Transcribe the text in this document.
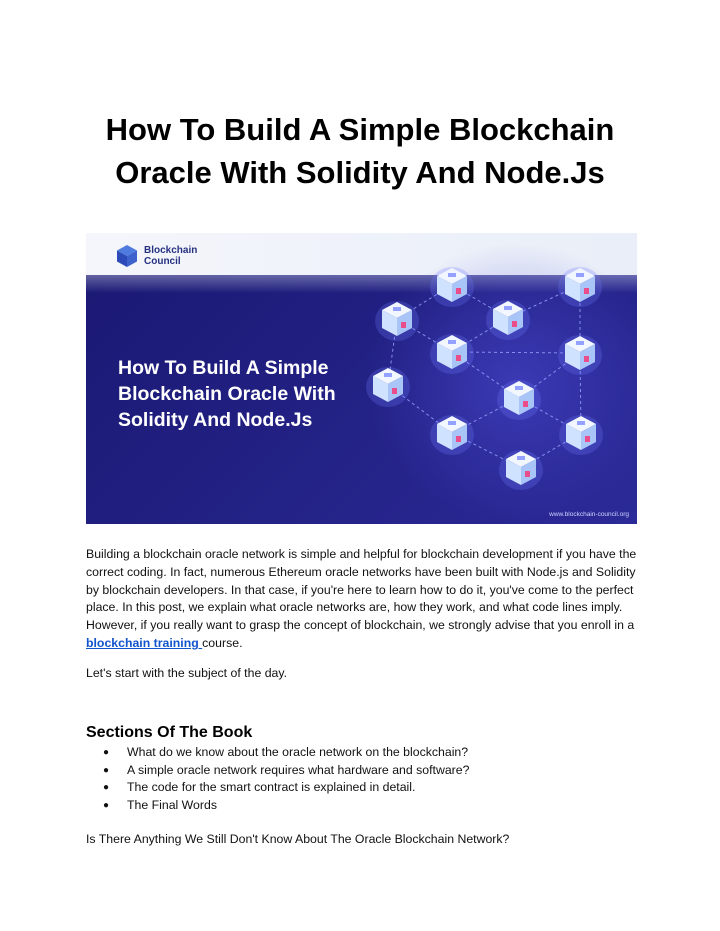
How To Build A Simple Blockchain
Oracle With Solidity And Node.Js
Blockchain
Council

How To Build A Simple
Blockchain Oracle With
Solidity And Node.Js

www.blockchain-council.org

Building a blockchain oracle network is simple and helpful for blockchain development if you have the correct coding. In fact, numerous Ethereum oracle networks have been built with Node.js and Solidity by blockchain developers. In that case, if you're here to learn how to do it, you've come to the perfect place. In this post, we explain what oracle networks are, how they work, and what code lines imply. However, if you really want to grasp the concept of blockchain, we strongly advise that you enroll in a blockchain training course.

Let's start with the subject of the day.

Sections Of The Book
●	What do we know about the oracle network on the blockchain?
●	A simple oracle network requires what hardware and software?
●	The code for the smart contract is explained in detail.
●	The Final Words

Is There Anything We Still Don't Know About The Oracle Blockchain Network?
